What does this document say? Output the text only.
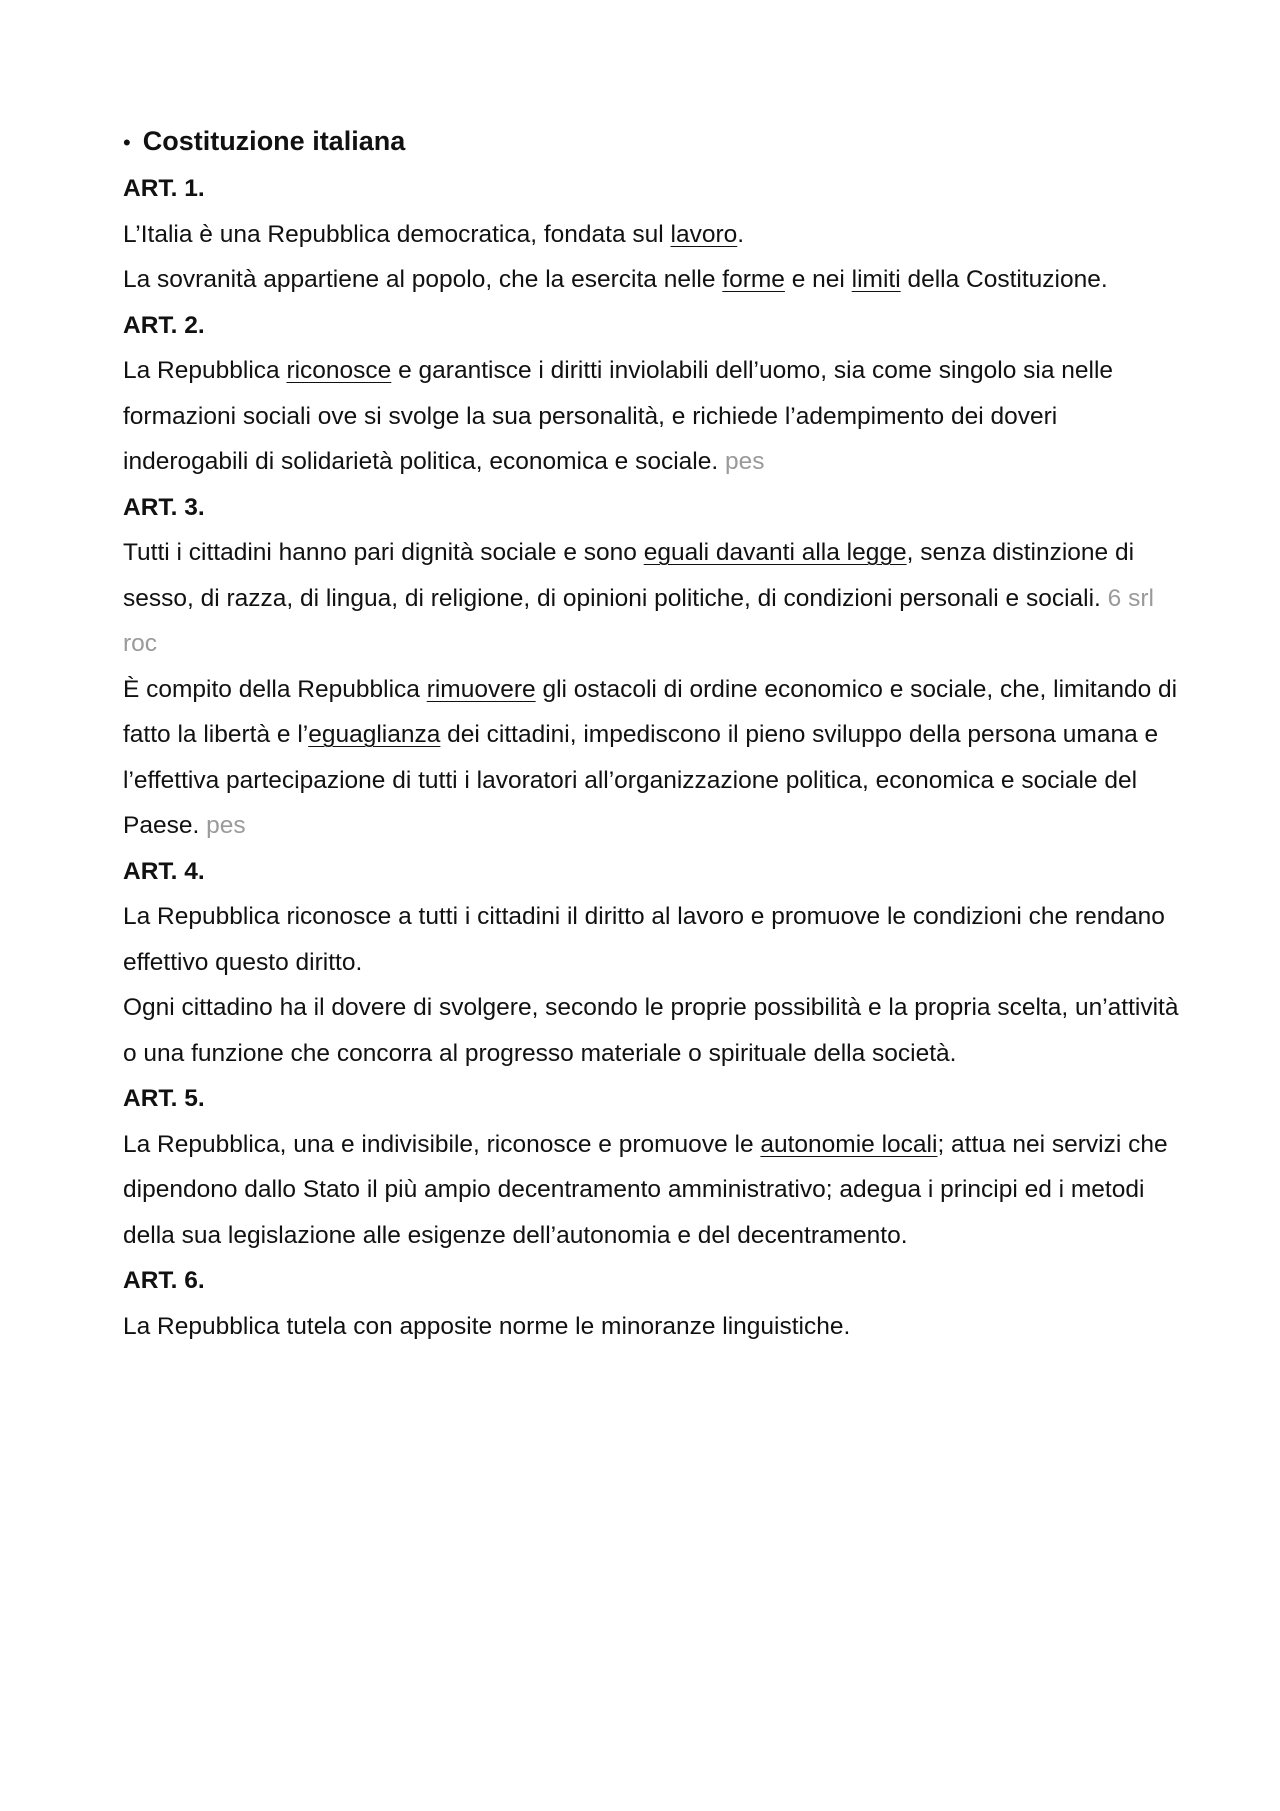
• Costituzione italiana
ART. 1.

L’Italia è una Repubblica democratica, fondata sul lavoro.

La sovranità appartiene al popolo, che la esercita nelle forme e nei limiti della Costituzione.

ART. 2.

La Repubblica riconosce e garantisce i diritti inviolabili dell’uomo, sia come singolo sia nelle formazioni sociali ove si svolge la sua personalità, e richiede l’adempimento dei doveri inderogabili di solidarietà politica, economica e sociale. pes

ART. 3.

Tutti i cittadini hanno pari dignità sociale e sono eguali davanti alla legge, senza distinzione di sesso, di razza, di lingua, di religione, di opinioni politiche, di condizioni personali e sociali. 6 srl roc

È compito della Repubblica rimuovere gli ostacoli di ordine economico e sociale, che, limitando di fatto la libertà e l’eguaglianza dei cittadini, impediscono il pieno sviluppo della persona umana e l’effettiva partecipazione di tutti i lavoratori all’organizzazione politica, economica e sociale del Paese. pes

ART. 4.

La Repubblica riconosce a tutti i cittadini il diritto al lavoro e promuove le condizioni che rendano effettivo questo diritto.

Ogni cittadino ha il dovere di svolgere, secondo le proprie possibilità e la propria scelta, un’attività o una funzione che concorra al progresso materiale o spirituale della società.

ART. 5.

La Repubblica, una e indivisibile, riconosce e promuove le autonomie locali; attua nei servizi che dipendono dallo Stato il più ampio decentramento amministrativo; adegua i principi ed i metodi della sua legislazione alle esigenze dell’autonomia e del decentramento.

ART. 6.

La Repubblica tutela con apposite norme le minoranze linguistiche.
